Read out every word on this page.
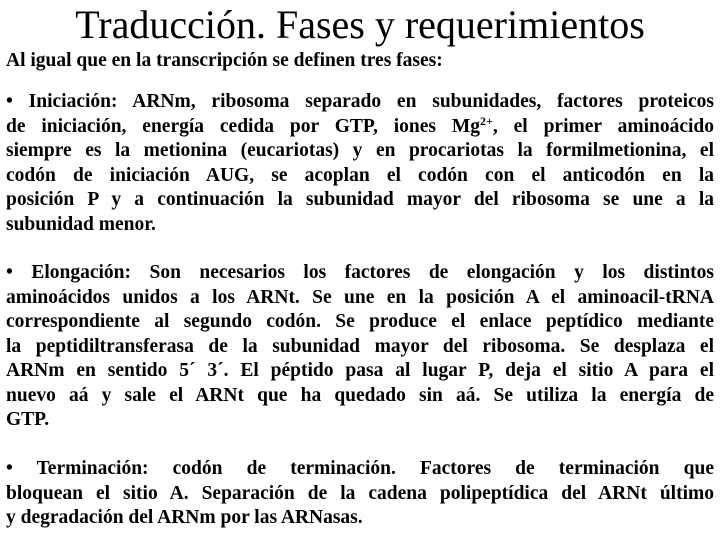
Traducción. Fases y requerimientos
Al igual que en la transcripción se definen tres fases:
• Iniciación: ARNm, ribosoma separado en subunidades, factores proteicos
de iniciación, energía cedida por GTP, iones $Mg^{2+}$, el primer aminoácido
siempre es la metionina (eucariotas) y en procariotas la formilmetionina, el
codón de iniciación AUG, se acoplan el codón con el anticodón en la
posición P y a continuación la subunidad mayor del ribosoma se une a la
subunidad menor.
• Elongación: Son necesarios los factores de elongación y los distintos
aminoácidos unidos a los ARNt. Se une en la posición A el aminoacil-tRNA
correspondiente al segundo codón. Se produce el enlace peptídico mediante
la peptidiltransferasa de la subunidad mayor del ribosoma. Se desplaza el
ARNm en sentido 5´ 3´. El péptido pasa al lugar P, deja el sitio A para el
nuevo aá y sale el ARNt que ha quedado sin aá. Se utiliza la energía de
GTP.
• Terminación: codón de terminación. Factores de terminación que
bloquean el sitio A. Separación de la cadena polipeptídica del ARNt último
y degradación del ARNm por las ARNasas.
